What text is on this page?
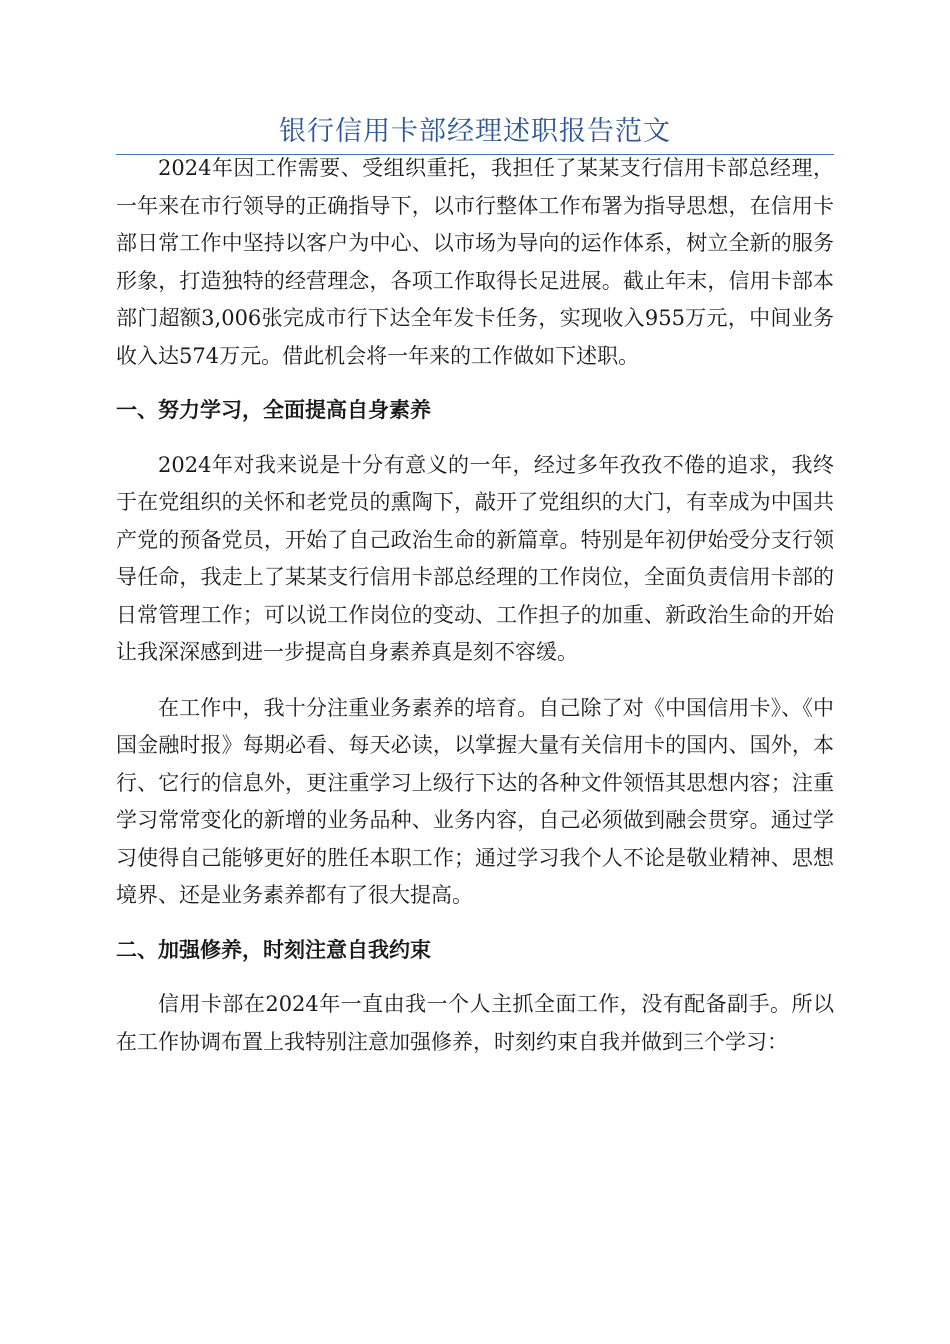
银行信用卡部经理述职报告范文

2024年因工作需要、受组织重托，我担任了某某支行信用卡部总经理，一年来在市行领导的正确指导下，以市行整体工作布署为指导思想，在信用卡部日常工作中坚持以客户为中心、以市场为导向的运作体系，树立全新的服务形象，打造独特的经营理念，各项工作取得长足进展。截止年末，信用卡部本部门超额3,006张完成市行下达全年发卡任务，实现收入955万元，中间业务收入达574万元。借此机会将一年来的工作做如下述职。

一、努力学习，全面提高自身素养

2024年对我来说是十分有意义的一年，经过多年孜孜不倦的追求，我终于在党组织的关怀和老党员的熏陶下，敲开了党组织的大门，有幸成为中国共产党的预备党员，开始了自己政治生命的新篇章。特别是年初伊始受分支行领导任命，我走上了某某支行信用卡部总经理的工作岗位，全面负责信用卡部的日常管理工作；可以说工作岗位的变动、工作担子的加重、新政治生命的开始让我深深感到进一步提高自身素养真是刻不容缓。

在工作中，我十分注重业务素养的培育。自己除了对《中国信用卡》、《中国金融时报》每期必看、每天必读，以掌握大量有关信用卡的国内、国外，本行、它行的信息外，更注重学习上级行下达的各种文件领悟其思想内容；注重学习常常变化的新增的业务品种、业务内容，自己必须做到融会贯穿。通过学习使得自己能够更好的胜任本职工作；通过学习我个人不论是敬业精神、思想境界、还是业务素养都有了很大提高。

二、加强修养，时刻注意自我约束

信用卡部在2024年一直由我一个人主抓全面工作，没有配备副手。所以在工作协调布置上我特别注意加强修养，时刻约束自我并做到三个学习：
